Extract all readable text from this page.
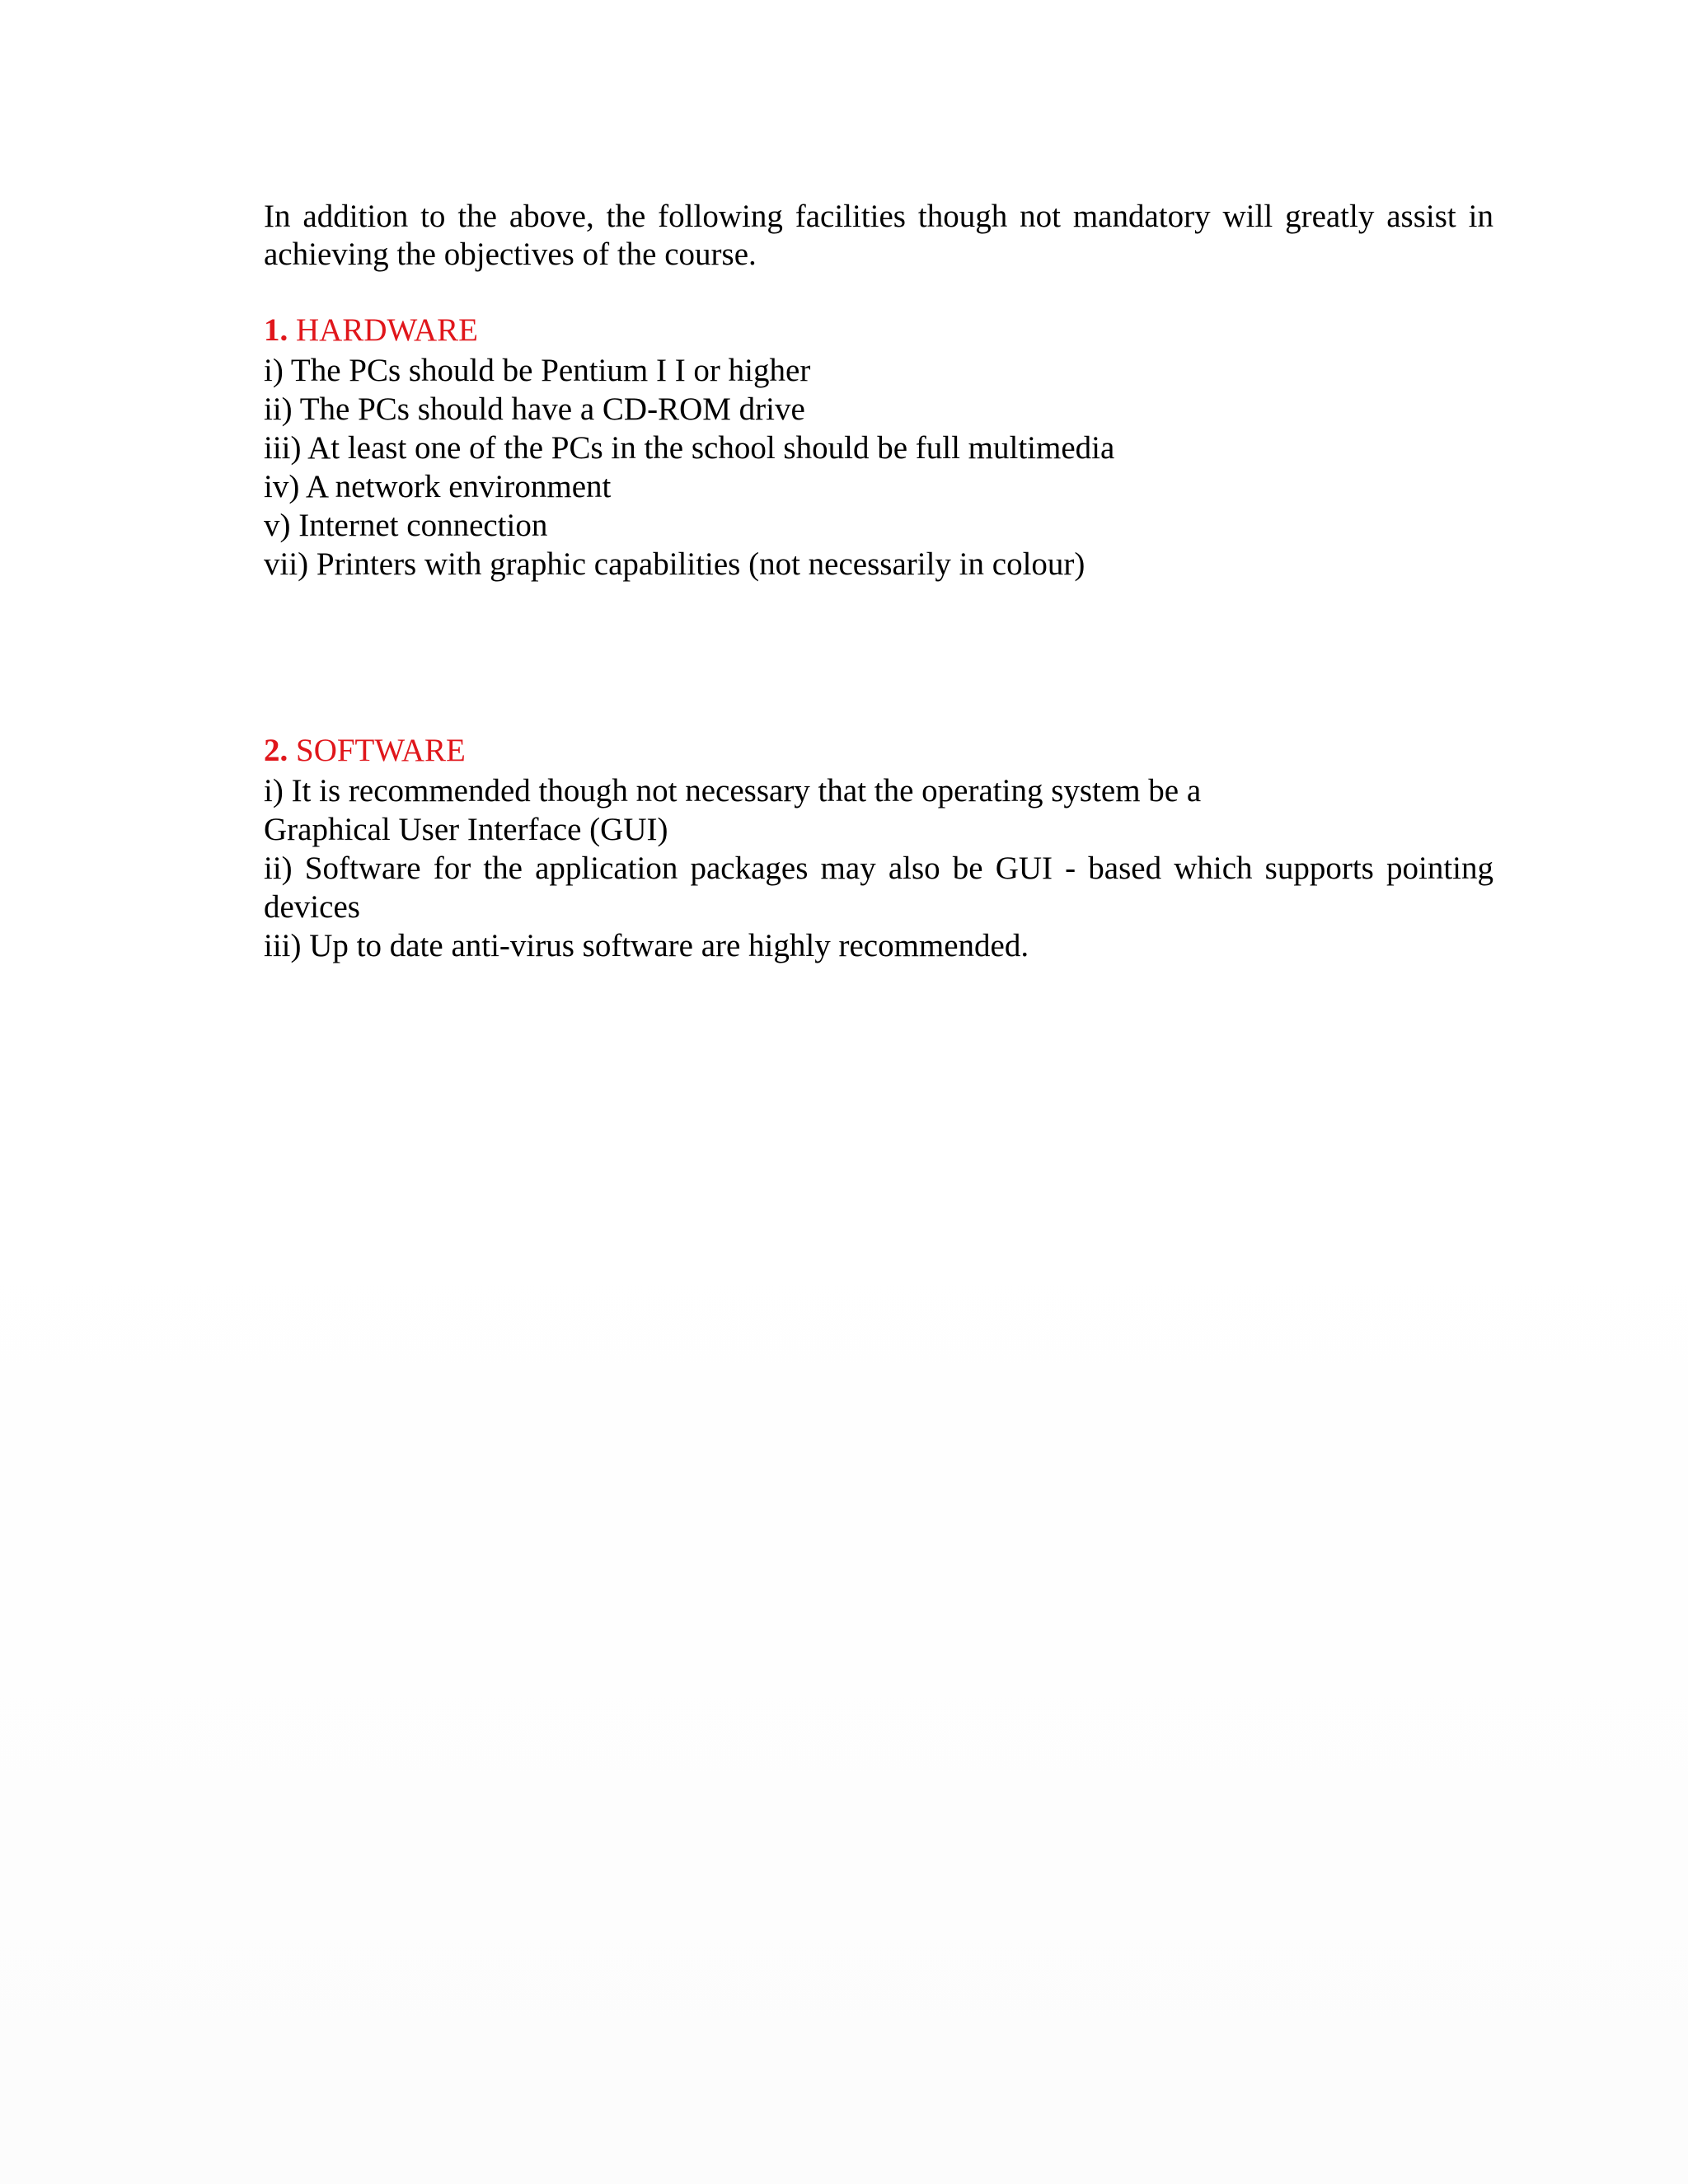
In addition to the above, the following facilities though not mandatory will greatly assist in achieving the objectives of the course.

1. HARDWARE

i) The PCs should be Pentium I I or higher

ii) The PCs should have a CD-ROM drive

iii) At least one of the PCs in the school should be full multimedia

iv) A network environment

v) Internet connection

vii) Printers with graphic capabilities (not necessarily in colour)

2. SOFTWARE

i) It is recommended though not necessary that the operating system be a

Graphical User Interface (GUI)

ii) Software for the application packages may also be GUI - based which supports pointing devices

iii) Up to date anti-virus software are highly recommended.
